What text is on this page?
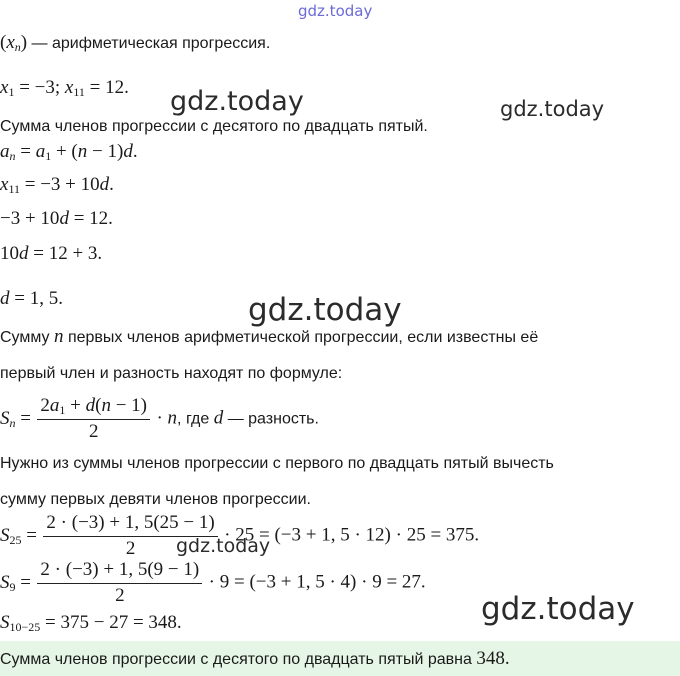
gdz.today
gdz.today	gdz.today
gdz.today
gdz.today
gdz.today
$(x_n)$ — арифметическая прогрессия.
$x_1 = -3$; $x_{11} = 12$.
Сумма членов прогрессии с десятого по двадцать пятый.
$a_n = a_1 + (n - 1)d$.
$x_{11} = -3 + 10d$.
−3 + 10d = 12.
10d = 12 + 3.
d = 1, 5.
Сумму n первых членов арифметической прогрессии, если известны её
первый член и разность находят по формуле:
$S_n = \frac{2a_1 + d(n - 1)}{2} \cdot n$, где d — разность.
Нужно из суммы членов прогрессии с первого по двадцать пятый вычесть
сумму первых девяти членов прогрессии.
$S_{25} = \frac{2 \cdot (-3) + 1, 5(25 - 1)}{2} \cdot 25 = (-3 + 1$, 5 · 12) · 25 = 375.
$S_9 = \frac{2 \cdot (-3) + 1, 5(9 - 1)}{2} \cdot 9 = (-3 + 1$, 5 · 4) · 9 = 27.
$S_{10-25} = 375 - 27 = 348$.
Сумма членов прогрессии с десятого по двадцать пятый равна 348.
